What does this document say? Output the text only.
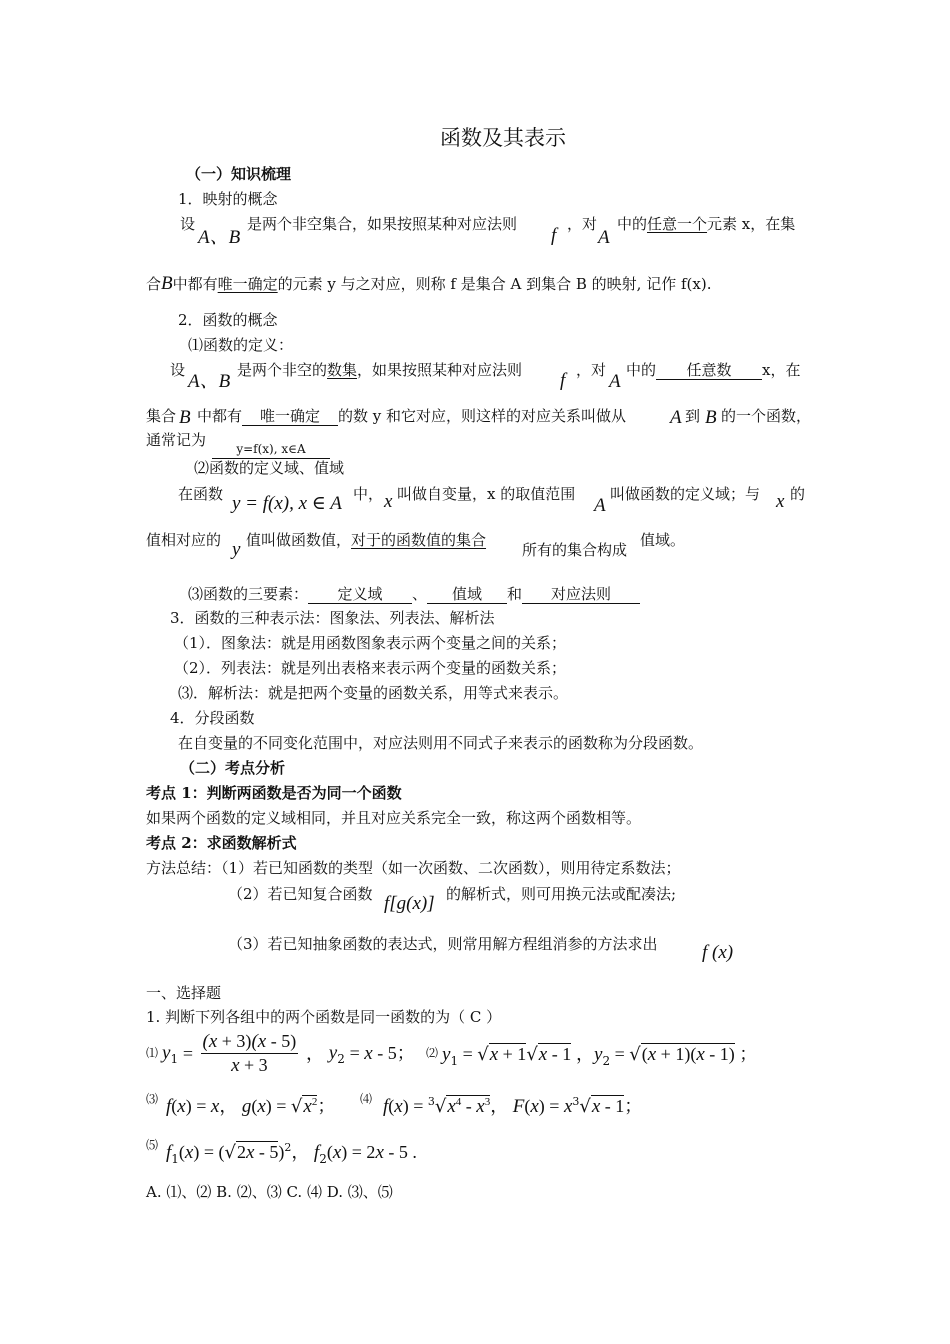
函数及其表示
（一）知识梳理
1．映射的概念
设
A、B
是两个非空集合，如果按照某种对应法则
f
，对
A
中的任意一个元素 x，在集
合B中都有唯一确定的元素 y 与之对应，则称 f 是集合 A 到集合 B 的映射, 记作 f(x).
2．函数的概念
⑴函数的定义：
设
A、B
是两个非空的数集，如果按照某种对应法则 f ，对
A
中的 任意数 x，在
集合 B 中都有 唯一确定 的数 y 和它对应，则这样的对应关系叫做从 A 到 B 的一个函数，
通常记为	y=f(x), x∈A
⑵函数的定义域、值域
在函数 y = f(x), x ∈ A 中， x 叫做自变量，x 的取值范围
A
叫做函数的定义域；与 x 的
值相对应的 y 值叫做函数值，对于的函数值的集合
所有的集合构成
值域。
⑶函数的三要素： 定义域 、 值域 和 对应法则
3．函数的三种表示法：图象法、列表法、解析法
（1）．图象法：就是用函数图象表示两个变量之间的关系；
（2）．列表法：就是列出表格来表示两个变量的函数关系；
⑶．解析法：就是把两个变量的函数关系，用等式来表示。
4．分段函数
在自变量的不同变化范围中，对应法则用不同式子来表示的函数称为分段函数。
（二）考点分析
考点 1：判断两函数是否为同一个函数
如果两个函数的定义域相同，并且对应关系完全一致，称这两个函数相等。
考点 2：求函数解析式
方法总结：（1）若已知函数的类型（如一次函数、二次函数），则用待定系数法；
（2）若已知复合函数 f[g(x)] 的解析式，则可用换元法或配凑法;
（3）若已知抽象函数的表达式，则常用解方程组消参的方法求出 f (x)
一、选择题
1. 判断下列各组中的两个函数是同一函数的为（ C ）
⑴ $y_1 = \frac{(x + 3)(x - 5)}{x + 3}$ ， $y_2 = x - 5$； ⑵ $y_1 = √x + 1√x - 1$ ，$y_2 = √(x + 1)(x - 1)$ ；
⑶ f(x) = x， $g(x) = √x^2$； ⑷ $f(x) = ^3√x^4 - x^3$， $F(x) = x^3√x - 1$；
⑸ $f_1(x) = (√2x - 5)^2$， $f_2(x) = 2x - 5$ .
A. ⑴、⑵ B. ⑵、⑶ C. ⑷ D. ⑶、⑸
